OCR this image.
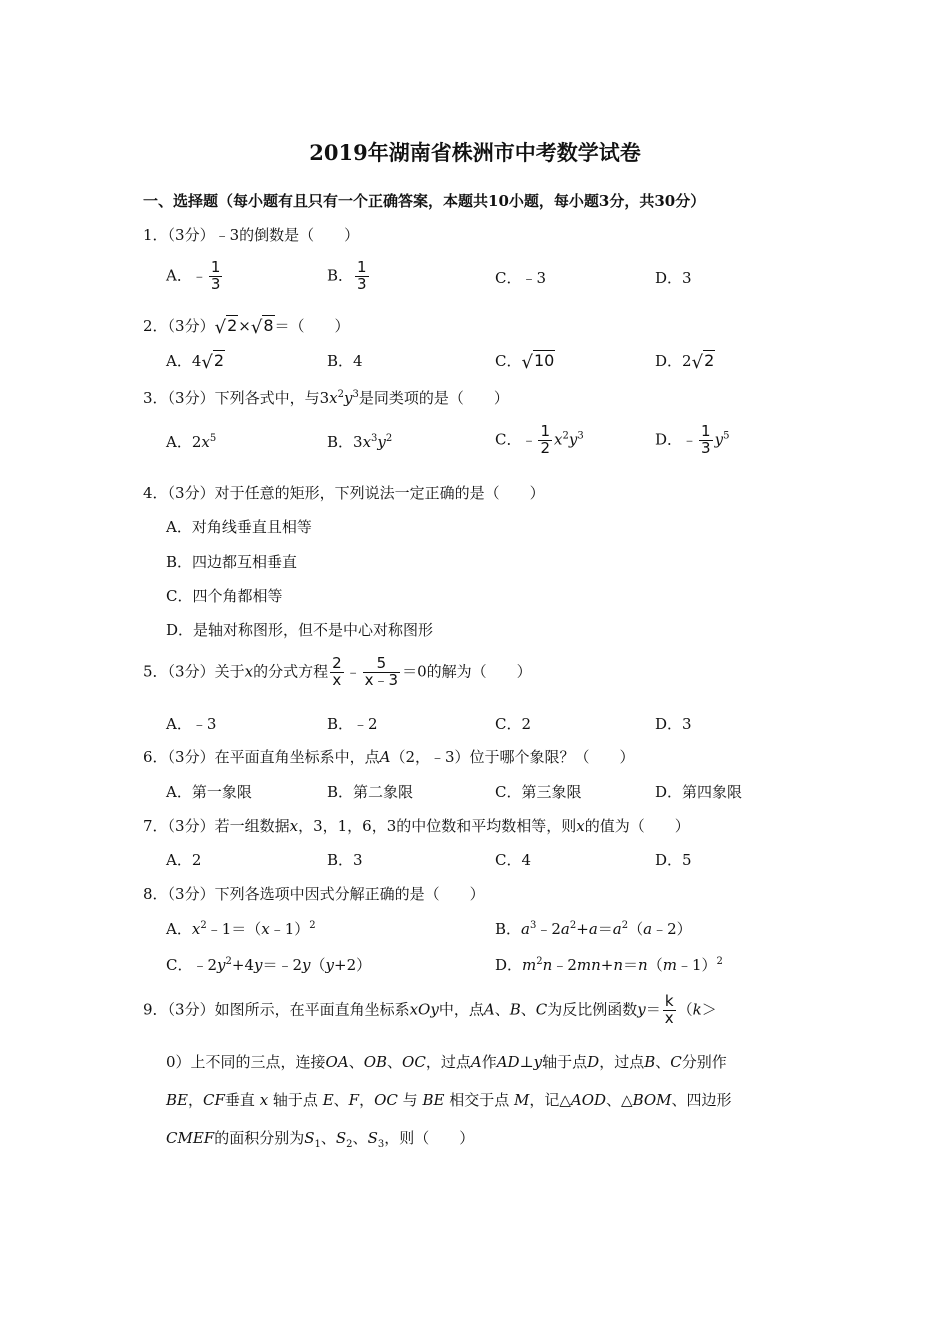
2019年湖南省株洲市中考数学试卷
一、选择题（每小题有且只有一个正确答案，本题共10小题，每小题3分，共30分）
1．（3分）﹣3的倒数是（　　）
A．﹣ $\frac{1}{3}$	B． $\frac{1}{3}$	C．﹣3	D．3
2．（3分）√2×√8＝（　　）
A．4√2	B．4	C．√10	D．2√2
3．（3分）下列各式中，与$3x^2y^3$是同类项的是（　　）
A．$2x^5$	B．$3x^3y^2$	C．﹣ $\frac{1}{2} x^2y^3$	D．﹣ $\frac{1}{3} y^5$
4．（3分）对于任意的矩形，下列说法一定正确的是（　　）
A．对角线垂直且相等
B．四边都互相垂直
C．四个角都相等
D．是轴对称图形，但不是中心对称图形
5．（3分）关于x的分式方程 $\frac{2}{x}$ ﹣ $\frac{5}{x﹣3} =0$的解为（　　）
A．﹣3	B．﹣2	C．2	D．3
6．（3分）在平面直角坐标系中，点A（2，﹣3）位于哪个象限？（　　）
A．第一象限	B．第二象限	C．第三象限	D．第四象限
7．（3分）若一组数据x，3，1，6，3的中位数和平均数相等，则x的值为（　　）
A．2	B．3	C．4	D．5
8．（3分）下列各选项中因式分解正确的是（　　）
A．$x^2﹣1=(x﹣1)^2$	B．$a^3﹣2a^2+a=a^2(a﹣2)$
C．$﹣2y^2+4y=﹣2y(y+2)$	D．$m^2n﹣2mn+n=n(m﹣1)^2$
9．（3分）如图所示，在平面直角坐标系xOy中，点A、B、C为反比例函数$y= \frac{k}{x} (k>$
0）上不同的三点，连接OA、OB、OC，过点A作AD⊥y轴于点D，过点B、C分别作
BE，CF垂直 x 轴于点 E、F，OC 与 BE 相交于点 M，记△AOD、△BOM、四边形
CMEF的面积分别为$S_1$、$S_2$、$S_3$，则（　　）
